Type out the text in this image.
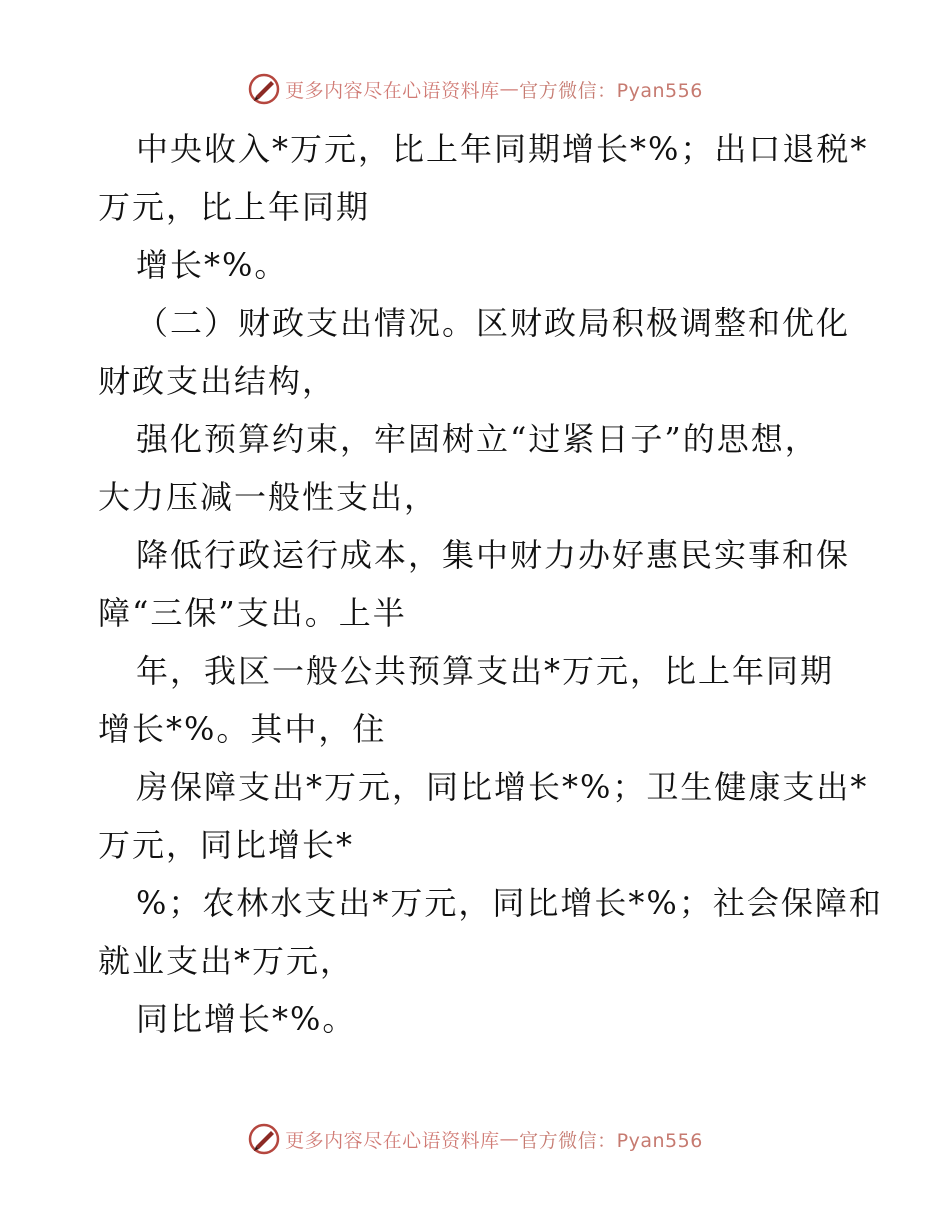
更多内容尽在心语资料库 — 官方微信：Pyan556

中央收入*万元，比上年同期增长*%；出口退税*
万元，比上年同期

增长*%。

（二）财政支出情况。区财政局积极调整和优化
财政支出结构，

强化预算约束，牢固树立“过紧日子”的思想，
大力压减一般性支出，

降低行政运行成本，集中财力办好惠民实事和保
障“三保”支出。上半

年，我区一般公共预算支出*万元，比上年同期
增长*%。其中，住

房保障支出*万元，同比增长*%；卫生健康支出*
万元，同比增长*

%；农林水支出*万元，同比增长*%；社会保障和
就业支出*万元，

同比增长*%。

更多内容尽在心语资料库 — 官方微信：Pyan556
